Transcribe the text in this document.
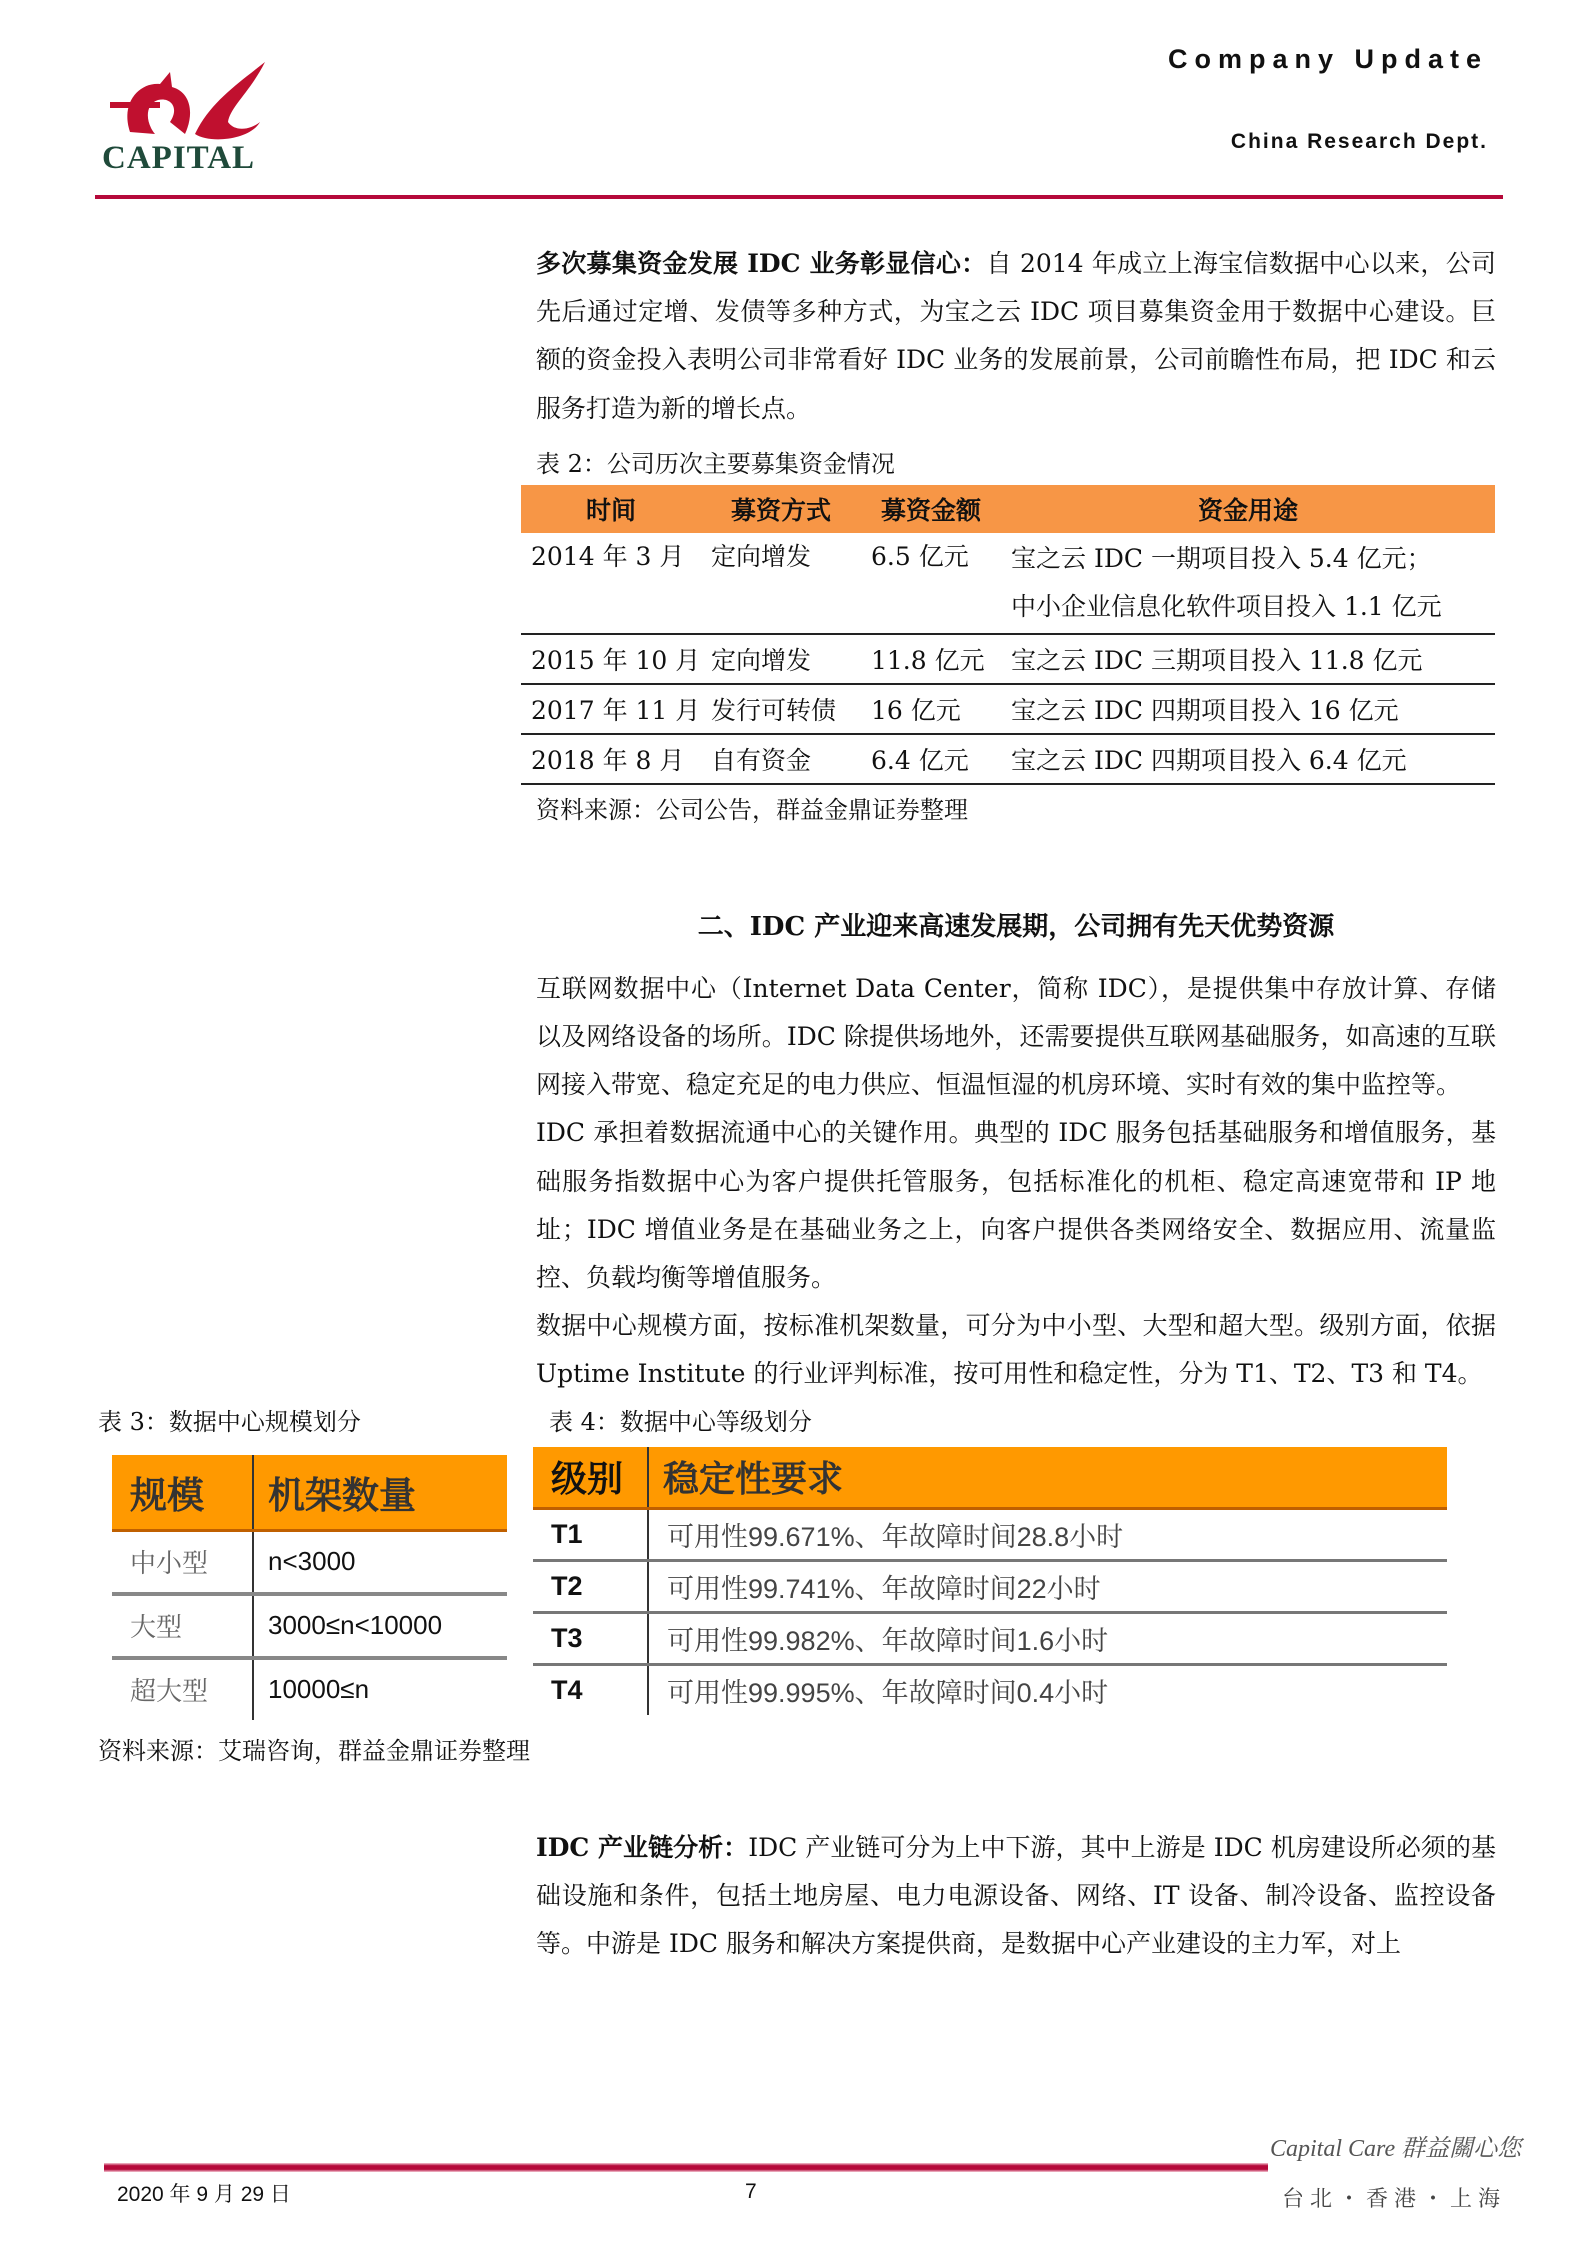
CAPITAL
Company Update
China Research Dept.
多次募集资金发展 IDC 业务彰显信心：自 2014 年成立上海宝信数据中心以来，公司先后通过定增、发债等多种方式，为宝之云 IDC 项目募集资金用于数据中心建设。巨额的资金投入表明公司非常看好 IDC 业务的发展前景，公司前瞻性布局，把 IDC 和云服务打造为新的增长点。
表 2：公司历次主要募集资金情况
时间	募资方式	募资金额	资金用途
2014 年 3 月	定向增发	6.5 亿元	宝之云 IDC 一期项目投入 5.4 亿元；
中小企业信息化软件项目投入 1.1 亿元

2015 年 10 月	定向增发	11.8 亿元	宝之云 IDC 三期项目投入 11.8 亿元
2017 年 11 月	发行可转债	16 亿元	宝之云 IDC 四期项目投入 16 亿元
2018 年 8 月	自有资金	6.4 亿元	宝之云 IDC 四期项目投入 6.4 亿元
资料来源：公司公告，群益金鼎证券整理
二、IDC 产业迎来高速发展期，公司拥有先天优势资源
互联网数据中心（Internet Data Center，简称 IDC），是提供集中存放计算、存储以及网络设备的场所。IDC 除提供场地外，还需要提供互联网基础服务，如高速的互联网接入带宽、稳定充足的电力供应、恒温恒湿的机房环境、实时有效的集中监控等。
IDC 承担着数据流通中心的关键作用。典型的 IDC 服务包括基础服务和增值服务，基础服务指数据中心为客户提供托管服务，包括标准化的机柜、稳定高速宽带和 IP 地址；IDC 增值业务是在基础业务之上，向客户提供各类网络安全、数据应用、流量监控、负载均衡等增值服务。
数据中心规模方面，按标准机架数量，可分为中小型、大型和超大型。级别方面，依据 Uptime Institute 的行业评判标准，按可用性和稳定性，分为 T1、T2、T3 和 T4。
表 3：数据中心规模划分
规模	机架数量
中小型	n<3000
大型	3000≤n<10000
超大型	10000≤n
表 4：数据中心等级划分
级别	稳定性要求
T1	可用性99.671%、年故障时间28.8小时
T2	可用性99.741%、年故障时间22小时
T3	可用性99.982%、年故障时间1.6小时
T4	可用性99.995%、年故障时间0.4小时
资料来源：艾瑞咨询，群益金鼎证券整理
IDC 产业链分析：IDC 产业链可分为上中下游，其中上游是 IDC 机房建设所必须的基础设施和条件，包括土地房屋、电力电源设备、网络、IT 设备、制冷设备、监控设备等。中游是 IDC 服务和解决方案提供商，是数据中心产业建设的主力军，对上
2020 年 9 月 29 日	7
Capital Care 群益關心您
台北・香港・上海
